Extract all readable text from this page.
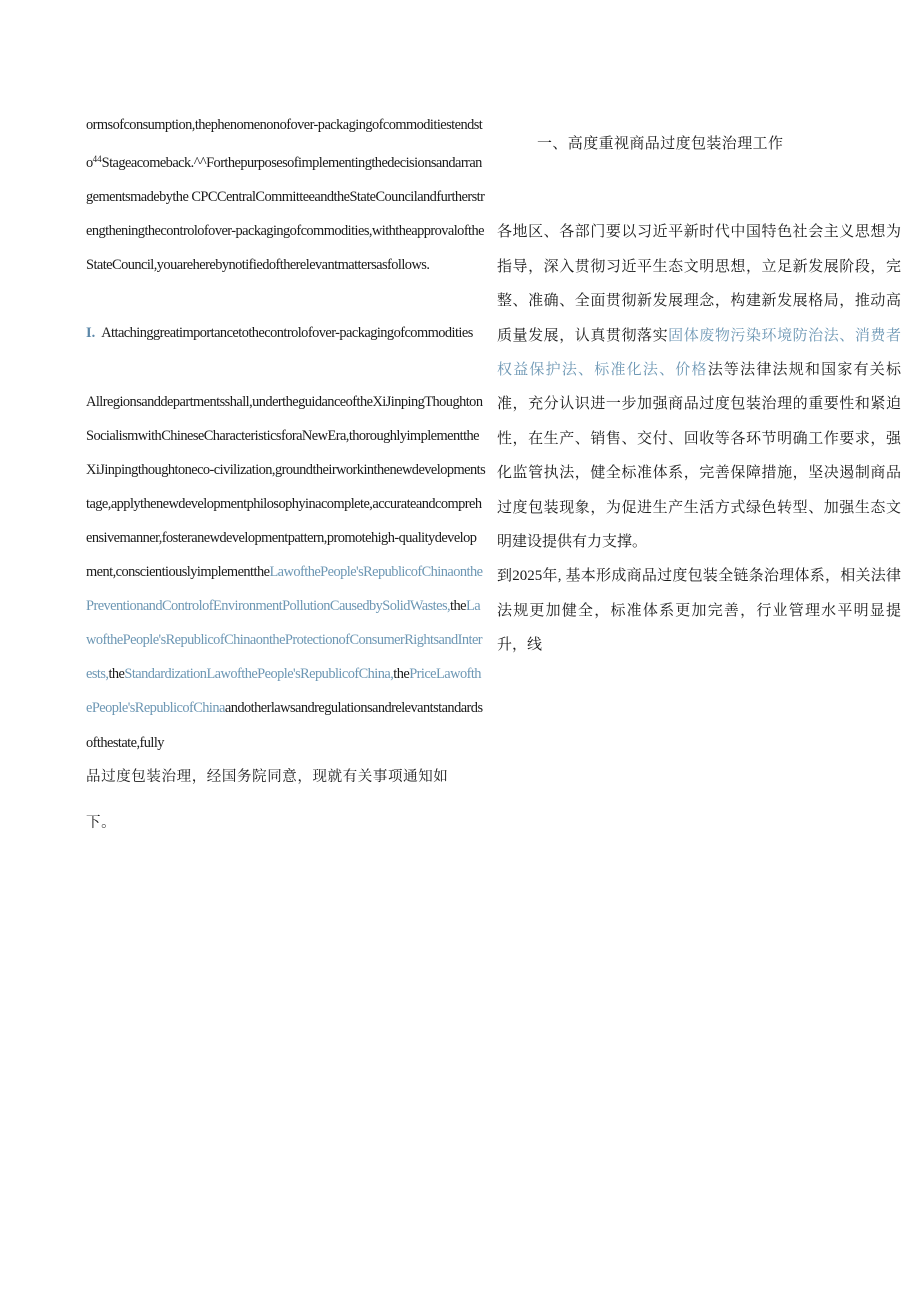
ormsofconsumption,thephenomenonofover-packagingofcommoditiestendsto$^{44}$Stageacomeback.^^Forthepurposesofimplementingthedecisionsandarrangementsmadebythe CPCCentralCommitteeandtheStateCouncilandfurtherstrengtheningthecontrolofover-packagingofcommodities,withtheapprovaloftheStateCouncil,youareherebynotifiedoftherelevantmattersasfollows.

I. Attachinggreatimportancetothecontrolofover-packagingofcommodities

Allregionsanddepartmentsshall,undertheguidanceoftheXiJinpingThoughtonSocialismwithChineseCharacteristicsforaNewEra,thoroughlyimplementtheXiJinpingthoughtoneco-civilization,groundtheirworkinthenewdevelopmentstage,applythenewdevelopmentphilosophyinacomplete,accurateandcomprehensivemanner,fosteranewdevelopmentpattern,promotehigh-qualitydevelopment,conscientiouslyimplementtheLawofthePeople'sRepublicofChinaonthePreventionandControlofEnvironmentPollutionCausedbySolidWastes,theLawofthePeople'sRepublicofChinaontheProtectionofConsumerRightsandInterests,theStandardizationLawofthePeople'sRepublicofChina,thePriceLawofthePeople'sRepublicofChinaandotherlawsandregulationsandrelevantstandardsofthestate,fully

品过度包装治理，经国务院同意，现就有关事项通知如

下。

一、高度重视商品过度包装治理工作

各地区、各部门要以习近平新时代中国特色社会主义思想为指导，深入贯彻习近平生态文明思想，立足新发展阶段，完整、准确、全面贯彻新发展理念，构建新发展格局，推动高质量发展，认真贯彻落实固体废物污染环境防治法、消费者权益保护法、标准化法、价格法等法律法规和国家有关标准，充分认识进一步加强商品过度包装治理的重要性和紧迫性，在生产、销售、交付、回收等各环节明确工作要求，强化监管执法，健全标准体系，完善保障措施，坚决遏制商品过度包装现象，为促进生产生活方式绿色转型、加强生态文明建设提供有力支撑。

到2025年, 基本形成商品过度包装全链条治理体系，相关法律法规更加健全，标准体系更加完善，行业管理水平明显提升，线
